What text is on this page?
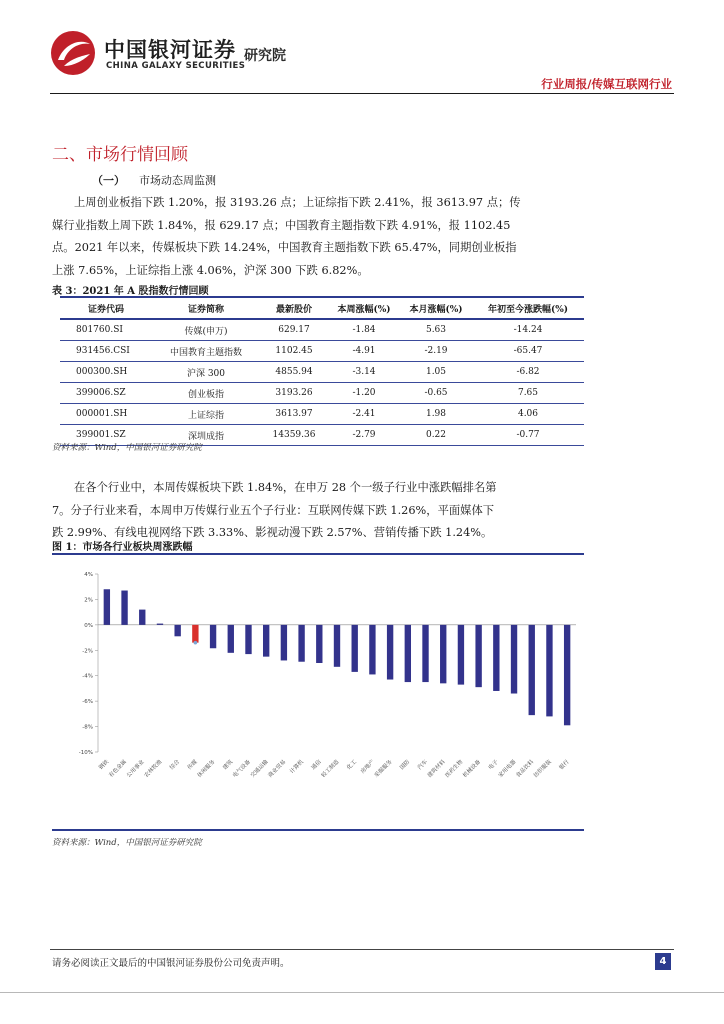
中国银河证券
CHINA GALAXY SECURITIES
研究院
行业周报/传媒互联网行业
二、市场行情回顾
（一） 市场动态周监测
上周创业板指下跌 1.20%，报 3193.26 点；上证综指下跌 2.41%，报 3613.97 点；传
媒行业指数上周下跌 1.84%，报 629.17 点；中国教育主题指数下跌 4.91%，报 1102.45
点。2021 年以来，传媒板块下跌 14.24%，中国教育主题指数下跌 65.47%，同期创业板指
上涨 7.65%，上证综指上涨 4.06%，沪深 300 下跌 6.82%。
表 3：2021 年 A 股指数行情回顾
证券代码	证券简称	最新股价	本周涨幅(%)	本月涨幅(%)	年初至今涨跌幅(%)
801760.SI	传媒(申万)	629.17	-1.84	5.63	-14.24
931456.CSI	中国教育主题指数	1102.45	-4.91	-2.19	-65.47
000300.SH	沪深 300	4855.94	-3.14	1.05	-6.82
399006.SZ	创业板指	3193.26	-1.20	-0.65	7.65
000001.SH	上证综指	3613.97	-2.41	1.98	4.06
399001.SZ	深圳成指	14359.36	-2.79	0.22	-0.77
资料来源：Wind，中国银河证券研究院
在各个行业中，本周传媒板块下跌 1.84%，在申万 28 个一级子行业中涨跌幅排名第
7。分子行业来看，本周申万传媒行业五个子行业：互联网传媒下跌 1.26%，平面媒体下
跌 2.99%、有线电视网络下跌 3.33%、影视动漫下跌 2.57%、营销传播下跌 1.24%。
图 1：市场各行业板块周涨跌幅
4%
2%
0%
-2%
-4%
-6%
-8%
-10%
钢铁
有色金属
公用事业
农林牧渔 综合 传媒
休闲服务 建筑
电气设备
交通运输
商业贸易 计算机 通信
轻工制造 化工 房地产
采掘服务 国防 汽车
建筑材料
医药生物
机械设备 电子
家用电器
食品饮料
纺织服装 银行
资料来源：Wind，中国银河证券研究院
请务必阅读正文最后的中国银河证券股份公司免责声明。	4
